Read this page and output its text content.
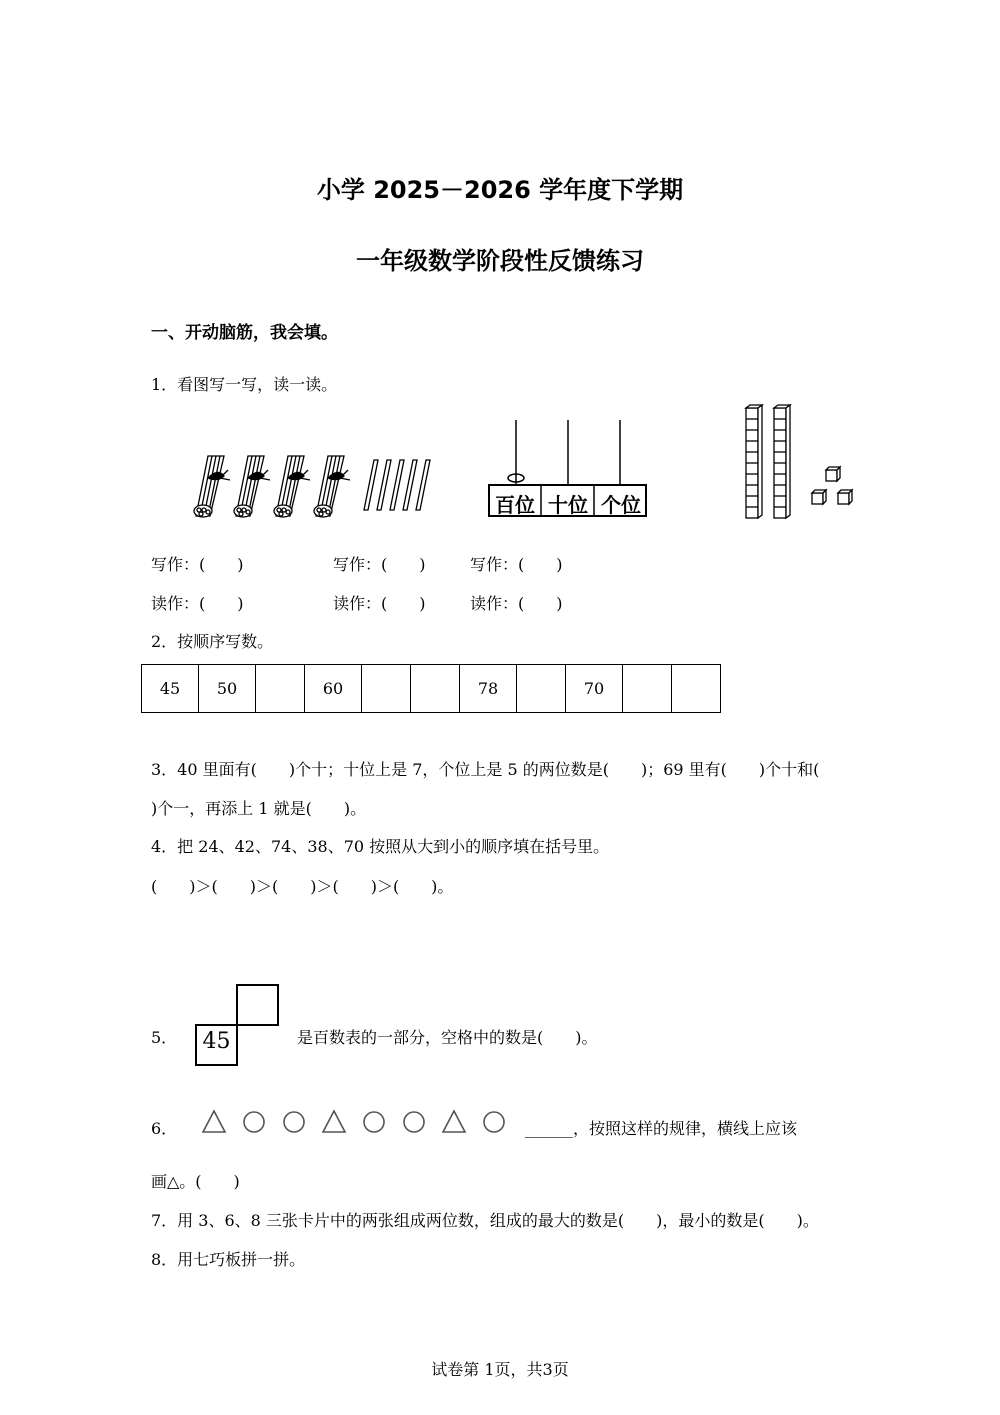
小学 2025－2026 学年度下学期
一年级数学阶段性反馈练习
一、开动脑筋，我会填。
1．看图写一写，读一读。
百位 十位 个位
写作：(　　)	写作：(　　)	写作：(　　)
读作：(　　)	读作：(　　)	读作：(　　)
2．按顺序写数。
45	50		60			78		70		
3．40 里面有(　　)个十；十位上是 7，个位上是 5 的两位数是(　　)；69 里有(　　)个十和(
)个一，再添上 1 就是(　　)。
4．把 24、42、74、38、70 按照从大到小的顺序填在括号里。
(　　)＞(　　)＞(　　)＞(　　)＞(　　)。
5． 45	是百数表的一部分，空格中的数是(　　)。
6．	______，按照这样的规律，横线上应该
画△。(　　)
7．用 3、6、8 三张卡片中的两张组成两位数，组成的最大的数是(　　)，最小的数是(　　)。
8．用七巧板拼一拼。
试卷第 1页，共3页
